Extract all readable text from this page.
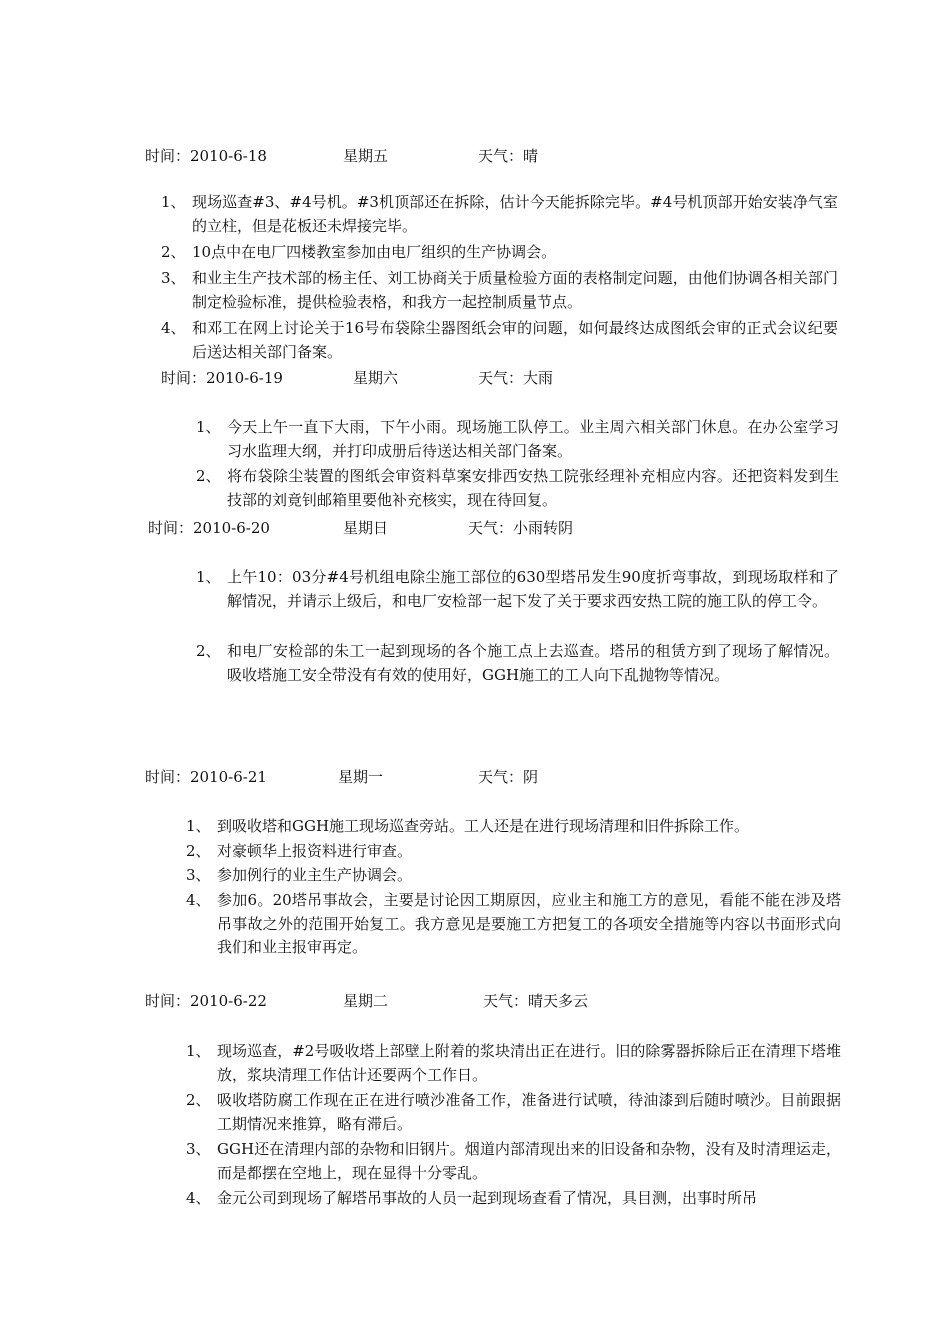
时间：2010-6-18	星期五	天气：晴
1、 现场巡查#3、#4号机。#3机顶部还在拆除，估计今天能拆除完毕。#4号机顶部开始安装净气室的立柱，但是花板还未焊接完毕。
2、 10点中在电厂四楼教室参加由电厂组织的生产协调会。
3、 和业主生产技术部的杨主任、刘工协商关于质量检验方面的表格制定问题，由他们协调各相关部门制定检验标准，提供检验表格，和我方一起控制质量节点。
4、 和邓工在网上讨论关于16号布袋除尘器图纸会审的问题，如何最终达成图纸会审的正式会议纪要后送达相关部门备案。
时间：2010-6-19	星期六	天气：大雨
1、 今天上午一直下大雨，下午小雨。现场施工队停工。业主周六相关部门休息。在办公室学习习水监理大纲，并打印成册后待送达相关部门备案。
2、 将布袋除尘装置的图纸会审资料草案安排西安热工院张经理补充相应内容。还把资料发到生技部的刘竟钊邮箱里要他补充核实，现在待回复。
时间：2010-6-20	星期日	天气：小雨转阴
1、 上午10：03分#4号机组电除尘施工部位的630型塔吊发生90度折弯事故，到现场取样和了解情况，并请示上级后，和电厂安检部一起下发了关于要求西安热工院的施工队的停工令。
2、 和电厂安检部的朱工一起到现场的各个施工点上去巡查。塔吊的租赁方到了现场了解情况。吸收塔施工安全带没有有效的使用好，GGH施工的工人向下乱抛物等情况。
时间：2010-6-21	星期一	天气：阴
1、 到吸收塔和GGH施工现场巡查旁站。工人还是在进行现场清理和旧件拆除工作。
2、 对豪顿华上报资料进行审查。
3、 参加例行的业主生产协调会。
4、 参加6。20塔吊事故会，主要是讨论因工期原因，应业主和施工方的意见，看能不能在涉及塔吊事故之外的范围开始复工。我方意见是要施工方把复工的各项安全措施等内容以书面形式向我们和业主报审再定。
时间：2010-6-22	星期二	天气：晴天多云
1、 现场巡查，#2号吸收塔上部壁上附着的浆块清出正在进行。旧的除雾器拆除后正在清理下塔堆放，浆块清理工作估计还要两个工作日。
2、 吸收塔防腐工作现在正在进行喷沙准备工作，准备进行试喷，待油漆到后随时喷沙。目前跟据工期情况来推算，略有滞后。
3、 GGH还在清理内部的杂物和旧钢片。烟道内部清现出来的旧设备和杂物，没有及时清理运走，而是都摆在空地上，现在显得十分零乱。
4、 金元公司到现场了解塔吊事故的人员一起到现场查看了情况，具目测，出事时所吊
